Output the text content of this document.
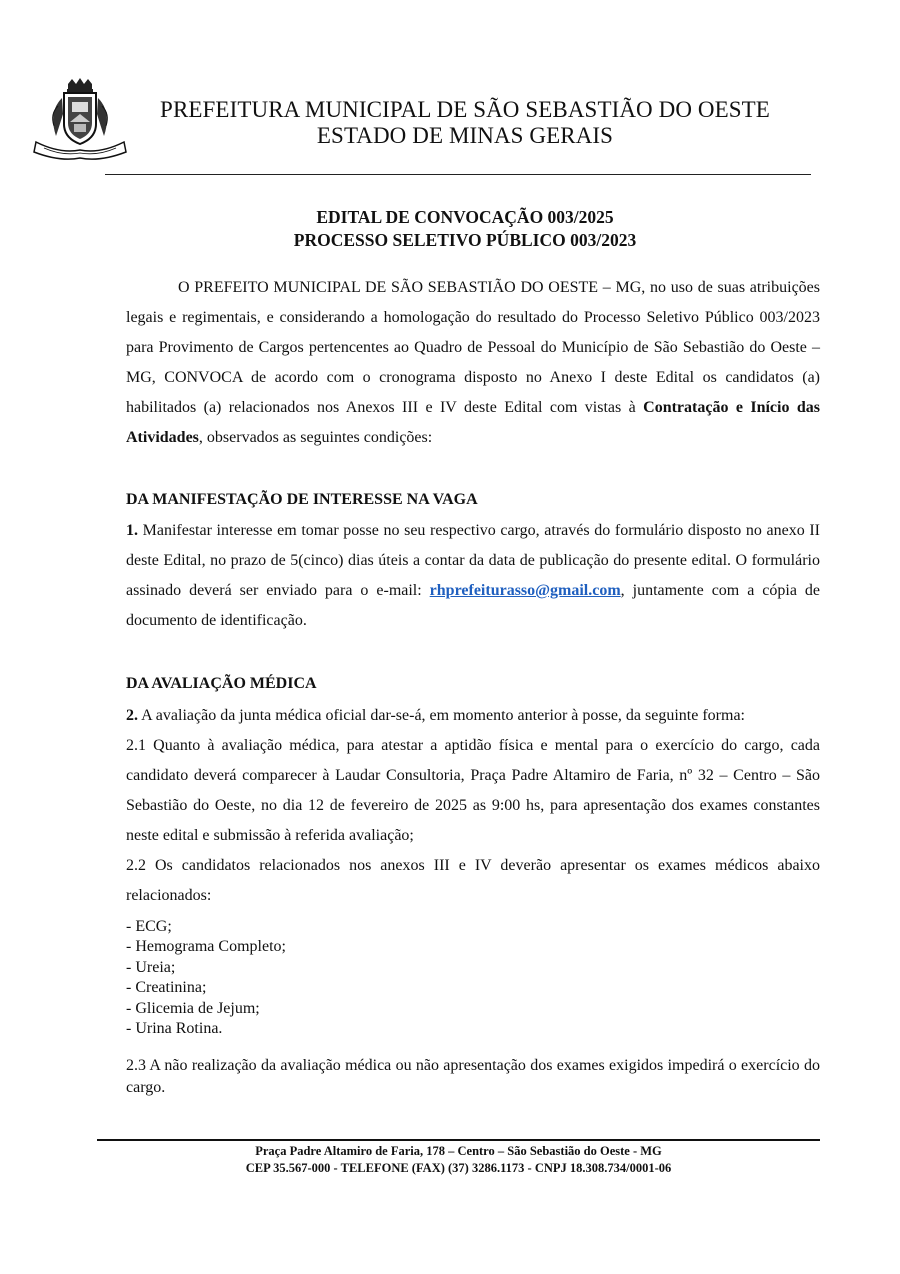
PREFEITURA MUNICIPAL DE SÃO SEBASTIÃO DO OESTE
ESTADO DE MINAS GERAIS
EDITAL DE CONVOCAÇÃO 003/2025
PROCESSO SELETIVO PÚBLICO 003/2023

O PREFEITO MUNICIPAL DE SÃO SEBASTIÃO DO OESTE – MG, no uso de suas atribuições legais e regimentais, e considerando a homologação do resultado do Processo Seletivo Público 003/2023 para Provimento de Cargos pertencentes ao Quadro de Pessoal do Município de São Sebastião do Oeste – MG, CONVOCA de acordo com o cronograma disposto no Anexo I deste Edital os candidatos (a) habilitados (a) relacionados nos Anexos III e IV deste Edital com vistas à Contratação e Início das Atividades, observados as seguintes condições:

DA MANIFESTAÇÃO DE INTERESSE NA VAGA

1. Manifestar interesse em tomar posse no seu respectivo cargo, através do formulário disposto no anexo II deste Edital, no prazo de 5(cinco) dias úteis a contar da data de publicação do presente edital. O formulário assinado deverá ser enviado para o e-mail: rhprefeiturasso@gmail.com, juntamente com a cópia de documento de identificação.

DA AVALIAÇÃO MÉDICA

2. A avaliação da junta médica oficial dar-se-á, em momento anterior à posse, da seguinte forma:

2.1 Quanto à avaliação médica, para atestar a aptidão física e mental para o exercício do cargo, cada candidato deverá comparecer à Laudar Consultoria, Praça Padre Altamiro de Faria, nº 32 – Centro – São Sebastião do Oeste, no dia 12 de fevereiro de 2025 as 9:00 hs, para apresentação dos exames constantes neste edital e submissão à referida avaliação;

2.2 Os candidatos relacionados nos anexos III e IV deverão apresentar os exames médicos abaixo relacionados:

- ECG;
- Hemograma Completo;
- Ureia;
- Creatinina;
- Glicemia de Jejum;
- Urina Rotina.

2.3 A não realização da avaliação médica ou não apresentação dos exames exigidos impedirá o exercício do cargo.

Praça Padre Altamiro de Faria, 178 – Centro – São Sebastião do Oeste - MG
CEP 35.567-000 - TELEFONE (FAX) (37) 3286.1173 - CNPJ 18.308.734/0001-06
